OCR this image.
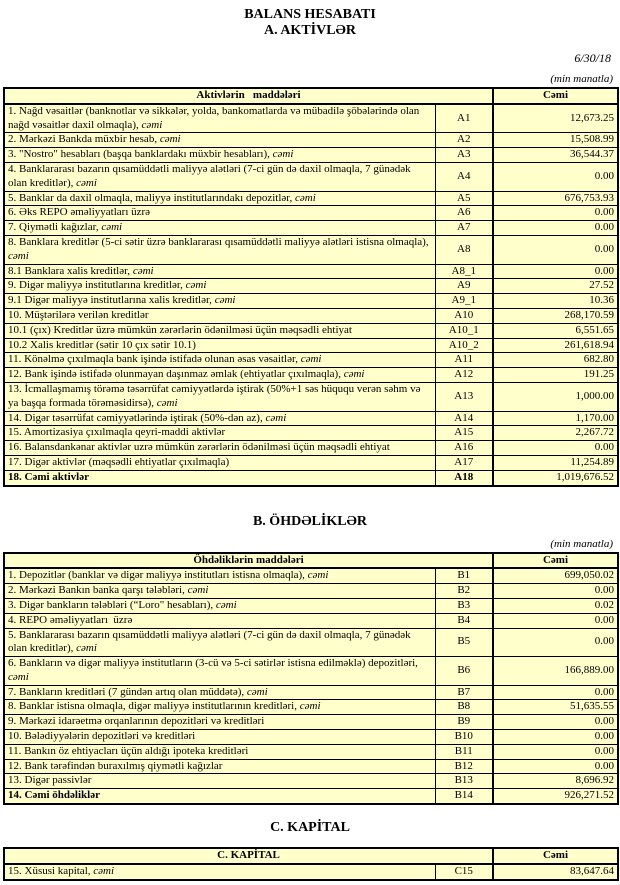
BALANS HESABATI
A. AKTİVLƏR
6/30/18
(min manatla)
Aktivlərin   maddələri		Cəmi
1. Nağd vəsaitlər (banknotlar və sikkələr, yolda, bankomatlarda və mübadilə şöbələrində olan nağd vəsaitlər daxil olmaqla), cəmi	A1	12,673.25
2. Mərkəzi Bankda müxbir hesab, cəmi	A2	15,508.99
3. "Nostro" hesabları (başqa banklardakı müxbir hesabları), cəmi	A3	36,544.37
4. Banklararası bazarın qısamüddətli maliyyə alətləri (7-ci gün də daxil olmaqla, 7 günədək olan kreditlər), cəmi	A4	0.00
5. Banklar da daxil olmaqla, maliyyə institutlarındakı depozitlər, cəmi	A5	676,753.93
6. Əks REPO əməliyyatları üzrə	A6	0.00
7. Qiymətli kağızlar, cəmi	A7	0.00
8. Banklara kreditlər (5-ci sətir üzrə banklararası qısamüddətli maliyyə alətləri istisna olmaqla), cəmi	A8	0.00
8.1 Banklara xalis kreditlər, cəmi	A8_1	0.00
9. Digər maliyyə institutlarına kreditlər, cəmi	A9	27.52
9.1 Digər maliyyə institutlarına xalis kreditlər, cəmi	A9_1	10.36
10. Müştərilərə verilən kreditlər	A10	268,170.59
10.1 (çıx) Kreditlər üzrə mümkün zərərlərin ödənilməsi üçün məqsədli ehtiyat	A10_1	6,551.65
10.2 Xalis kreditlər (sətir 10 çıx sətir 10.1)	A10_2	261,618.94
11. Könəlmə çıxılmaqla bank işində istifadə olunan əsas vəsaitlər, cəmi	A11	682.80
12. Bank işində istifadə olunmayan daşınmaz əmlak (ehtiyatlar çıxılmaqla), cəmi	A12	191.25
13. İcmallaşmamış törəmə təsərrüfat cəmiyyətlərdə iştirak (50%+1 səs hüququ verən səhm və ya başqa formada törəməsidirsə), cəmi	A13	1,000.00
14. Digər təsərrüfat cəmiyyətlərində iştirak (50%-dən az), cəmi	A14	1,170.00
15. Amortizasiya çıxılmaqla qeyri-maddi aktivlər	A15	2,267.72
16. Balansdankənar aktivlər uzrə mümkün zərərlərin ödənilməsi üçün məqsədli ehtiyat	A16	0.00
17. Digər aktivlər (məqsədli ehtiyatlar çıxılmaqla)	A17	11,254.89
18. Cəmi aktivlər	A18	1,019,676.52
B. ÖHDƏLİKLƏR
(min manatla)
Öhdəliklərin maddələri		Cəmi
1. Depozitlər (banklar və digər maliyyə institutları istisna olmaqla), cəmi	B1	699,050.02
2. Mərkəzi Bankın banka qarşı tələbləri, cəmi	B2	0.00
3. Digər bankların tələbləri (“Loro" hesabları), cəmi	B3	0.02
4. REPO əməliyyatları  üzrə	B4	0.00
5. Banklararası bazarın qısamüddətli maliyyə alətləri (7-ci gün də daxil olmaqla, 7 günədək olan kreditlər), cəmi	B5	0.00
6. Bankların və digər maliyyə institutların (3-cü və 5-ci sətirlər istisna edilməklə) depozitləri, cəmi	B6	166,889.00
7. Bankların kreditləri (7 gündən artıq olan müddətə), cəmi	B7	0.00
8. Banklar istisna olmaqla, digər maliyyə institutlarının kreditləri, cəmi	B8	51,635.55
9. Mərkəzi idarəetmə orqanlarının depozitləri və kreditləri	B9	0.00
10. Bələdiyyələrin depozitləri və kreditləri	B10	0.00
11. Bankın öz ehtiyacları üçün aldığı ipoteka kreditləri	B11	0.00
12. Bank tərəfindən buraxılmış qiymətli kağızlar	B12	0.00
13. Digər passivlər	B13	8,696.92
14. Cəmi öhdəliklər	B14	926,271.52
C. KAPİTAL
C. KAPİTAL		Cəmi
15. Xüsusi kapital, cəmi	C15	83,647.64
